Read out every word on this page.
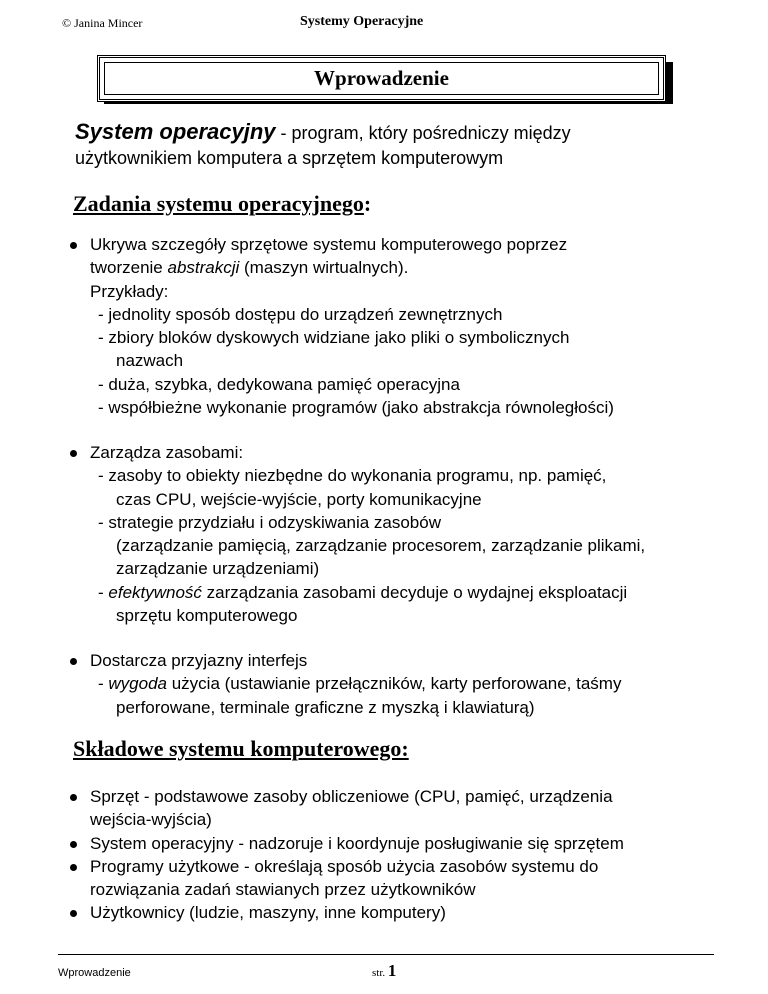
© Janina Mincer	Systemy Operacyjne
Wprowadzenie
System operacyjny - program, który pośredniczy między
użytkownikiem komputera a sprzętem komputerowym
Zadania systemu operacyjnego:
Ukrywa szczegóły sprzętowe systemu komputerowego poprzez
tworzenie abstrakcji (maszyn wirtualnych).
Przykłady:
- jednolity sposób dostępu do urządzeń zewnętrznych
- zbiory bloków dyskowych widziane jako pliki o symbolicznych
nazwach
- duża, szybka, dedykowana pamięć operacyjna
- współbieżne wykonanie programów (jako abstrakcja równoległości)
Zarządza zasobami:
- zasoby to obiekty niezbędne do wykonania programu, np. pamięć,
czas CPU, wejście-wyjście, porty komunikacyjne
- strategie przydziału i odzyskiwania zasobów
(zarządzanie pamięcią, zarządzanie procesorem, zarządzanie plikami,
zarządzanie urządzeniami)
- efektywność zarządzania zasobami decyduje o wydajnej eksploatacji
sprzętu komputerowego
Dostarcza przyjazny interfejs
- wygoda użycia (ustawianie przełączników, karty perforowane, taśmy
perforowane, terminale graficzne z myszką i klawiaturą)
Składowe systemu komputerowego:
Sprzęt - podstawowe zasoby obliczeniowe (CPU, pamięć, urządzenia
wejścia-wyjścia)
System operacyjny - nadzoruje i koordynuje posługiwanie się sprzętem
Programy użytkowe - określają sposób użycia zasobów systemu do
rozwiązania zadań stawianych przez użytkowników
Użytkownicy (ludzie, maszyny, inne komputery)
Wprowadzenie	str. 1
